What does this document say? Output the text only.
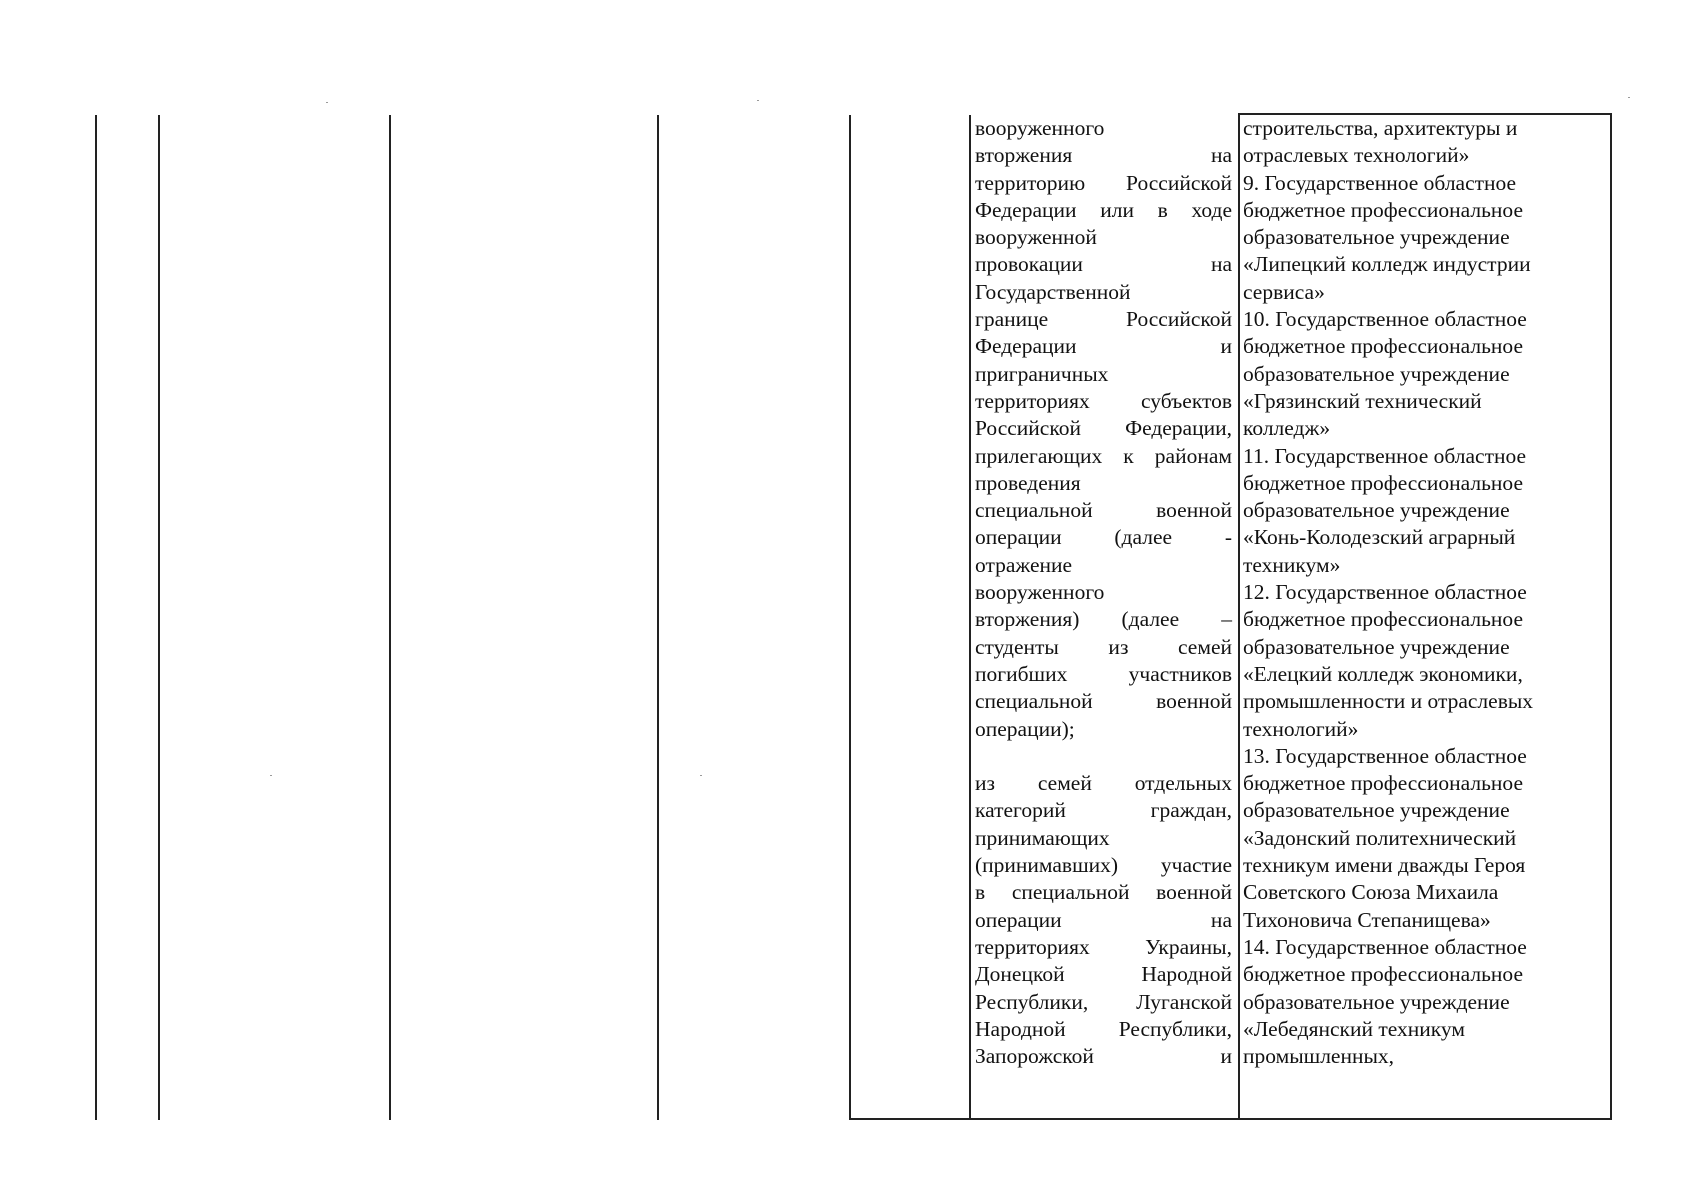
вооруженного
вторжения на
территорию Российской
Федерации или в ходе
вооруженной
провокации на
Государственной
границе Российской
Федерации и
приграничных
территориях субъектов
Российской Федерации,
прилегающих к районам
проведения
специальной военной
операции (далее -
отражение
вооруженного
вторжения) (далее –
студенты из семей
погибших участников
специальной военной
операции);
из семей отдельных
категорий граждан,
принимающих
(принимавших) участие
в специальной военной
операции на
территориях Украины,
Донецкой Народной
Республики, Луганской
Народной Республики,
Запорожской и
строительства, архитектуры и
отраслевых технологий»
9. Государственное областное
бюджетное профессиональное
образовательное учреждение
«Липецкий колледж индустрии
сервиса»
10. Государственное областное
бюджетное профессиональное
образовательное учреждение
«Грязинский технический
колледж»
11. Государственное областное
бюджетное профессиональное
образовательное учреждение
«Конь-Колодезский аграрный
техникум»
12. Государственное областное
бюджетное профессиональное
образовательное учреждение
«Елецкий колледж экономики,
промышленности и отраслевых
технологий»
13. Государственное областное
бюджетное профессиональное
образовательное учреждение
«Задонский политехнический
техникум имени дважды Героя
Советского Союза Михаила
Тихоновича Степанищева»
14. Государственное областное
бюджетное профессиональное
образовательное учреждение
«Лебедянский техникум
промышленных,
